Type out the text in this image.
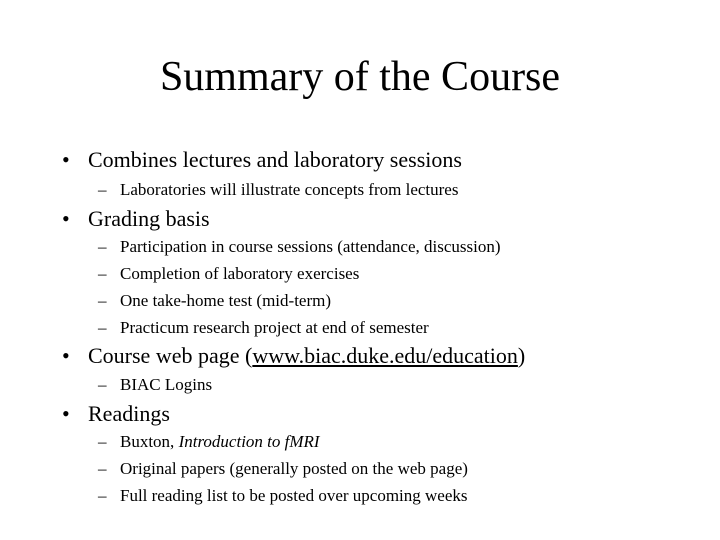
Summary of the Course
• Combines lectures and laboratory sessions
– Laboratories will illustrate concepts from lectures
• Grading basis
– Participation in course sessions (attendance, discussion)
– Completion of laboratory exercises
– One take-home test (mid-term)
– Practicum research project at end of semester
• Course web page (www.biac.duke.edu/education)
– BIAC Logins
• Readings
– Buxton, Introduction to fMRI
– Original papers (generally posted on the web page)
– Full reading list to be posted over upcoming weeks
